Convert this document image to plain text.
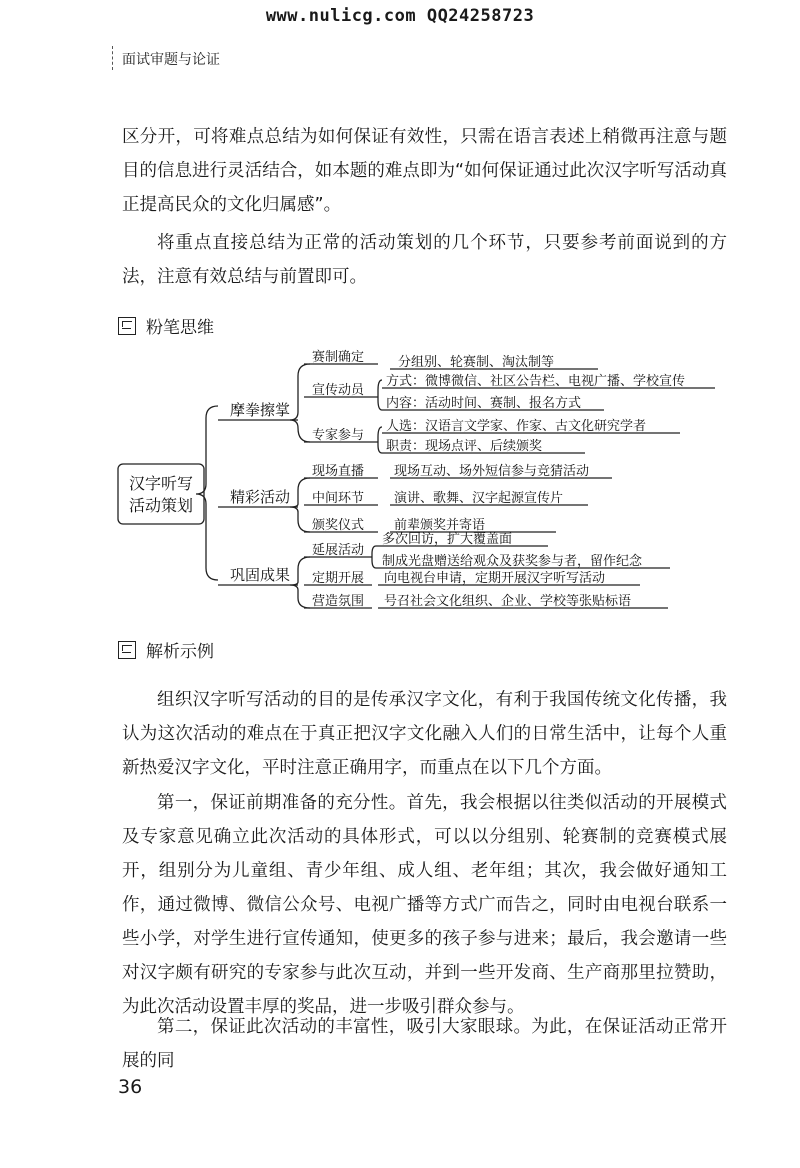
www.nulicg.com QQ24258723
面试审题与论证

区分开，可将难点总结为如何保证有效性，只需在语言表述上稍微再注意与题目的信息进行灵活结合，如本题的难点即为“如何保证通过此次汉字听写活动真正提高民众的文化归属感”。

将重点直接总结为正常的活动策划的几个环节，只要参考前面说到的方法，注意有效总结与前置即可。

粉笔思维
汉字听写
活动策划
摩拳擦掌
精彩活动
巩固成果
赛制确定	分组别、轮赛制、淘汰制等
宣传动员
方式：微博微信、社区公告栏、电视广播、学校宣传
内容：活动时间、赛制、报名方式
专家参与
人选：汉语言文学家、作家、古文化研究学者
职责：现场点评、后续颁奖
现场直播 现场互动、场外短信参与竞猜活动
中间环节 演讲、歌舞、汉字起源宣传片
颁奖仪式 前辈颁奖并寄语
延展活动
多次回访，扩大覆盖面
制成光盘赠送给观众及获奖参与者，留作纪念
定期开展 向电视台申请，定期开展汉字听写活动
营造氛围 号召社会文化组织、企业、学校等张贴标语
解析示例

组织汉字听写活动的目的是传承汉字文化，有利于我国传统文化传播，我认为这次活动的难点在于真正把汉字文化融入人们的日常生活中，让每个人重新热爱汉字文化，平时注意正确用字，而重点在以下几个方面。

第一，保证前期准备的充分性。首先，我会根据以往类似活动的开展模式及专家意见确立此次活动的具体形式，可以以分组别、轮赛制的竞赛模式展开，组别分为儿童组、青少年组、成人组、老年组；其次，我会做好通知工作，通过微博、微信公众号、电视广播等方式广而告之，同时由电视台联系一些小学，对学生进行宣传通知，使更多的孩子参与进来；最后，我会邀请一些对汉字颇有研究的专家参与此次互动，并到一些开发商、生产商那里拉赞助，为此次活动设置丰厚的奖品，进一步吸引群众参与。

第二，保证此次活动的丰富性，吸引大家眼球。为此，在保证活动正常开展的同

36
